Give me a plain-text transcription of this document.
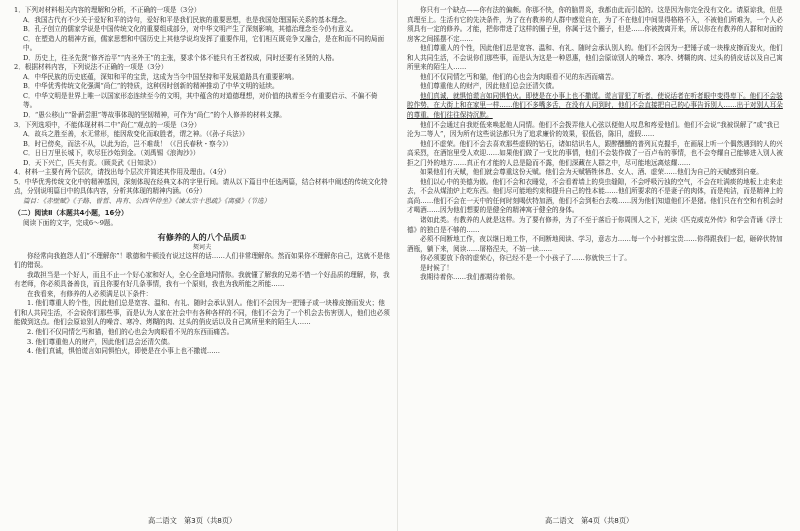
1．下列对材料相关内容的理解和分析，不正确的一项是（3分）

A．我国古代有不少关于爱好和平的诗句，爱好和平是我们民族的重要思想，也是我国处理国际关系的基本理念。

B．孔子创立的儒家学说是中国传统文化的重要组成部分，对中华文明产生了深刻影响，其德治理念至今仍有意义。

C．在塑造人的精神方面，儒家思想和中国历史上其他学说均发挥了重要作用，它们相互既竞争又融合，是在和而不同的局面中。

D．历史上，往圣先贤“修齐治平”“内圣外王”的主张，要求个体不能只有王者权威，同时还要有圣贤的人格。

2．根据材料内容，下列说法不正确的一项是（3分）

A．中华民族的历史底蕴，深知和平的宝贵，这成为当今中国坚持和平发展道路具有重要影响。

B．中华优秀传统文化强调“尚仁”的特质，这种因时创新的精神推动了中华文明的延续。

C．中华文明是世界上唯一以国家形态连续至今的文明，其中蕴含的对道德理想，对价值的执着至今有重要启示、不偏不倚等。

D．“愚公移山”“卧薪尝胆”等故事体现的坚韧精神，可作为“尚仁”的个人修养的材料支撑。

3．下列选项中，不能体现材料二中“尚仁”观点的一项是（3分）

A．故兵之胜至善，水无常形，能因敌变化而取胜者，谓之神。（《孙子兵法》）

B．时已傍矣，而法不从，以此为治，岂不难哉！（《吕氏春秋・察今》）

C．日日万里长城下，吹尽狂沙始到金。（刘禹锡《浪淘沙》）

D．天下兴亡，匹夫有责。（顾炎武《日知录》）

4．材料一主要有两个层次，请找出每个层次并简述其作用及理由。（4分）

5．中华优秀传统文化中的精神基因，深刻体现在经典文本的字里行间。请从以下篇目中任选两篇，结合材料中阐述的传统文化特点，分别说明篇目中的具体内容，分析其体现的精神内涵。（6分）

篇目：《赤壁赋》《子路、曾皙、冉有、公西华侍坐》《谏太宗十思疏》《离骚》（节选）

（二）阅读Ⅱ（本题共4小题，16分）

阅读下面的文字，完成6～9题。

有修养的人的八个品质①

契诃夫

你经常向我抱怨人们“不理解你”！歌德和牛顿没有说过这样的话……人们非常理解你。然而如果你不理解你自己，这就不是他们的错误。

我敢担当是一个好人，而且不止一个好心家和好人，全心全意地同情你。我就懂了解我的兄弟不惜一个好品质的理解，你，我有老师，你必须具备善良，而且你要有好几条事情，我有一个原则，我也为我所能之所能……

在我看来，有修养的人必须满足以下条件：

1. 他们尊重人的个性，因此他们总是宽容、温和、有礼、随时会承认别人。他们不会因为一把锤子或一块橡皮擦而发火；他们和人共同生活，不会说你们那些事，而是认为人家在社会中有各种各样的不同，他们不会为了一个机会去伤害别人，他们也必须能做到这点。他们会原谅别人的噪音、寒冷、烤糊的肉、过头的俏皮话以及自己寓所里来的陌生人……

2. 他们不仅同情乞丐和猫，他们的心也会为肉眼看不见的东西而痛苦。

3. 他们尊重他人的财产，因此他们总会还清欠债。

4. 他们真诚，惧怕谎言如同惧怕火，即使是在小事上也不撒谎……

你只有一个缺点——你有法的偏颇。你那不快，你的脑胃炎，我都由此而引起的。这是因为你完全没有文化。请原谅我，但是真理至上。生活有它的先决条件，为了在有教养的人群中感觉自在，为了不在他们中间显得格格不入，不被他们所难为，一个人必须具有一定的修养。才能，把你带进了这样的圈子里，你属于这个圈子，但是……你被拽离开来，所以你在有教养的人群和对面的房客之间摇摆不定……

他们尊重人的个性，因此他们总是宽容、温和、有礼、随时会承认别人的。他们不会因为一把锤子或一块橡皮擦而发火，他们和人共同生活，不会说你们那些事，而是认为这是一种恩惠，他们会原谅别人的噪音、寒冷、烤糊的肉、过头的俏皮话以及自己寓所里来的陌生人……

他们不仅同情乞丐和猫，他们的心也会为肉眼看不见的东西而痛苦。

他们尊重他人的财产，因此他们总会还清欠债。

他们真诚，就惧怕谎言如同惧怕火。即使是在小事上也不撒谎。谎言冒犯了听者，使说话者在听者眼中变得卑下。他们不会装腔作势，在大街上和在家里一样……他们不多嘴多舌，在没有人问到时，他们不会直接把自己的心事告诉别人……出于对别人耳朵的尊重，他们往往保持沉默。

他们不会通过自我贬低来唤起他人同情。他们不会拨弄他人心弦以便他人叹息和疼爱他们。他们不会说“我被误解了”或“我已沦为二等人”，因为所有这些说法都只为了追求廉价的效果，很低俗，陈旧，虚假……

他们不虚荣。他们不会去喜欢那些虚假的钻石，诸如结识名人，跟醉醺醺的普列瓦克握手，在画展上听一个偶然遇到的人的兴高采烈，在酒馆里受人欢迎……如果他们做了一戈比的事情，他们不会装作做了一百卢布的事情，也不会夸耀自己能够进入别人被拒之门外的地方……真正有才能的人总是隐而不露，他们深藏在人群之中，尽可能地远离炫耀……

如果他们有天赋，他们就会尊重这份天赋。他们会为天赋牺牲休息、女人、酒、虚荣……他们为自己的天赋感到自豪。

他们以心中的美德为傲。他们不会和衣睡觉，不会看着墙上的臭虫缝隙，不会呼吸污浊的空气，不会在吐满痰的地板上走来走去，不会从煤油炉上吃东西。他们尽可能地约束和提升自己的性本能……他们所要求的不是妻子的肉体，而是纯洁，而是精神上的高尚……他们不会在一天中的任何时刻喝伏特加酒，他们不会到柜台去嗅……因为他们知道他们不是猪。他们只在有空和有机会时才喝酒……因为他们想要的是健全的精神寓于健全的身体。

诸如此类。有教养的人就是这样。为了要有修养，为了不至于落后于你周围人之下，光读《匹克威克外传》和学会背诵《浮士德》的独白是不够的……

必须不间断地工作，夜以继日地工作，不间断地阅读、学习，意志力……每一个小时都宝贵……你得跟我们一起，砸碎伏特加酒瓶，躺下来，阅读……屠格涅夫，不妨一读……

你必须要放下你的虚荣心，你已经不是一个小孩子了……你就快三十了。

是时候了！

我期待着你……我们都期待着你。

高二语文　第3页（共8页）	高二语文　第4页（共8页）
